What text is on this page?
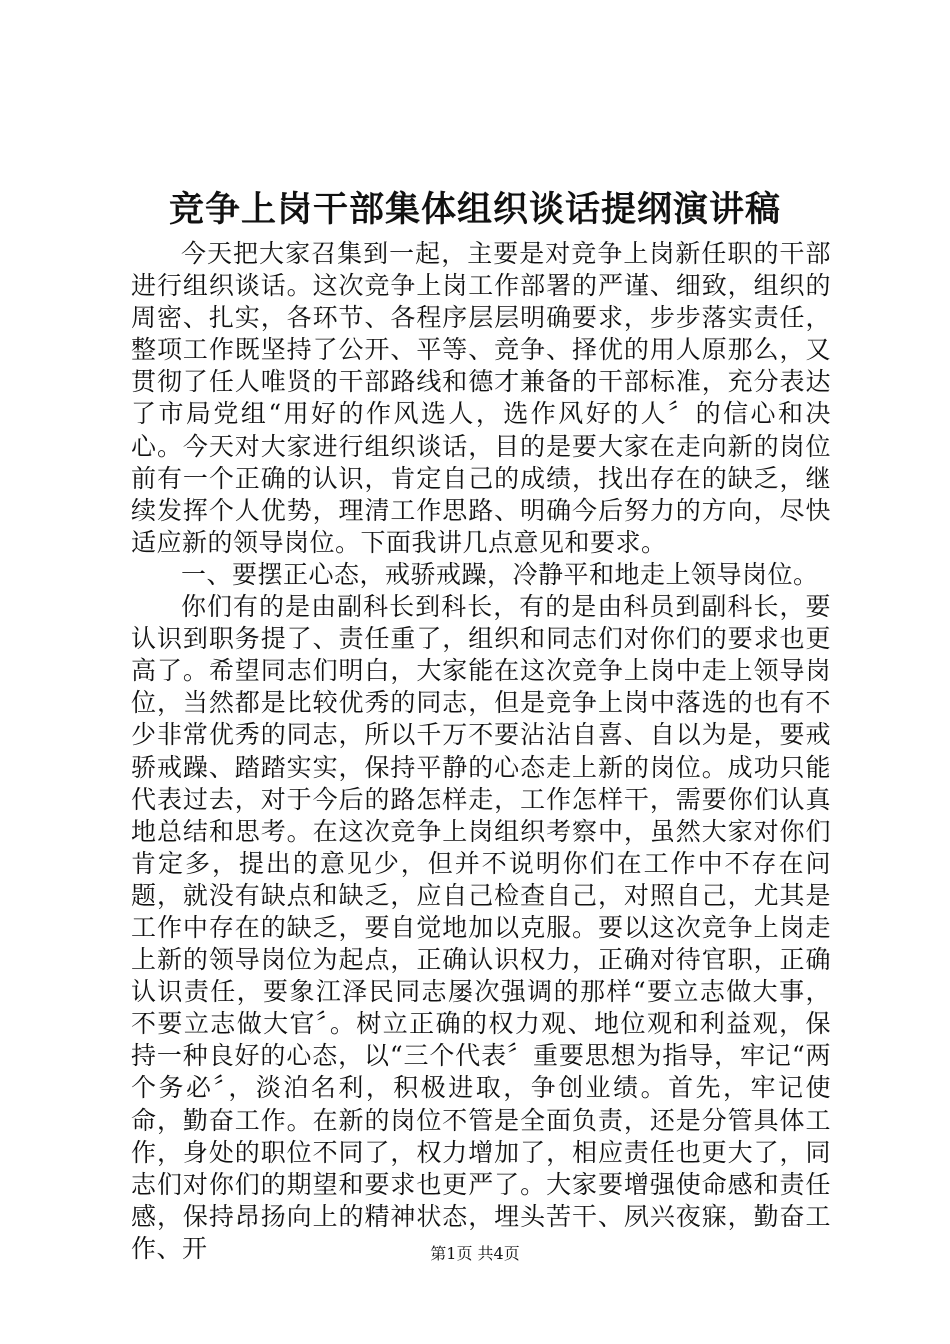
竞争上岗干部集体组织谈话提纲演讲稿

今天把大家召集到一起，主要是对竞争上岗新任职的干部进行组织谈话。这次竞争上岗工作部署的严谨、细致，组织的周密、扎实，各环节、各程序层层明确要求，步步落实责任，整项工作既坚持了公开、平等、竞争、择优的用人原那么，又贯彻了任人唯贤的干部路线和德才兼备的干部标准，充分表达了市局党组“用好的作风选人，选作风好的人〞的信心和决心。今天对大家进行组织谈话，目的是要大家在走向新的岗位前有一个正确的认识，肯定自己的成绩，找出存在的缺乏，继续发挥个人优势，理清工作思路、明确今后努力的方向，尽快适应新的领导岗位。下面我讲几点意见和要求。

一、要摆正心态，戒骄戒躁，冷静平和地走上领导岗位。

你们有的是由副科长到科长，有的是由科员到副科长，要认识到职务提了、责任重了，组织和同志们对你们的要求也更高了。希望同志们明白，大家能在这次竞争上岗中走上领导岗位，当然都是比较优秀的同志，但是竞争上岗中落选的也有不少非常优秀的同志，所以千万不要沾沾自喜、自以为是，要戒骄戒躁、踏踏实实，保持平静的心态走上新的岗位。成功只能代表过去，对于今后的路怎样走，工作怎样干，需要你们认真地总结和思考。在这次竞争上岗组织考察中，虽然大家对你们肯定多，提出的意见少，但并不说明你们在工作中不存在问题，就没有缺点和缺乏，应自己检查自己，对照自己，尤其是工作中存在的缺乏，要自觉地加以克服。要以这次竞争上岗走上新的领导岗位为起点，正确认识权力，正确对待官职，正确认识责任，要象江泽民同志屡次强调的那样“要立志做大事，不要立志做大官〞。树立正确的权力观、地位观和利益观，保持一种良好的心态，以“三个代表〞重要思想为指导，牢记“两个务必〞，淡泊名利，积极进取，争创业绩。首先，牢记使命，勤奋工作。在新的岗位不管是全面负责，还是分管具体工作，身处的职位不同了，权力增加了，相应责任也更大了，同志们对你们的期望和要求也更严了。大家要增强使命感和责任感，保持昂扬向上的精神状态，埋头苦干、夙兴夜寐，勤奋工作、开	第1页 共4页
